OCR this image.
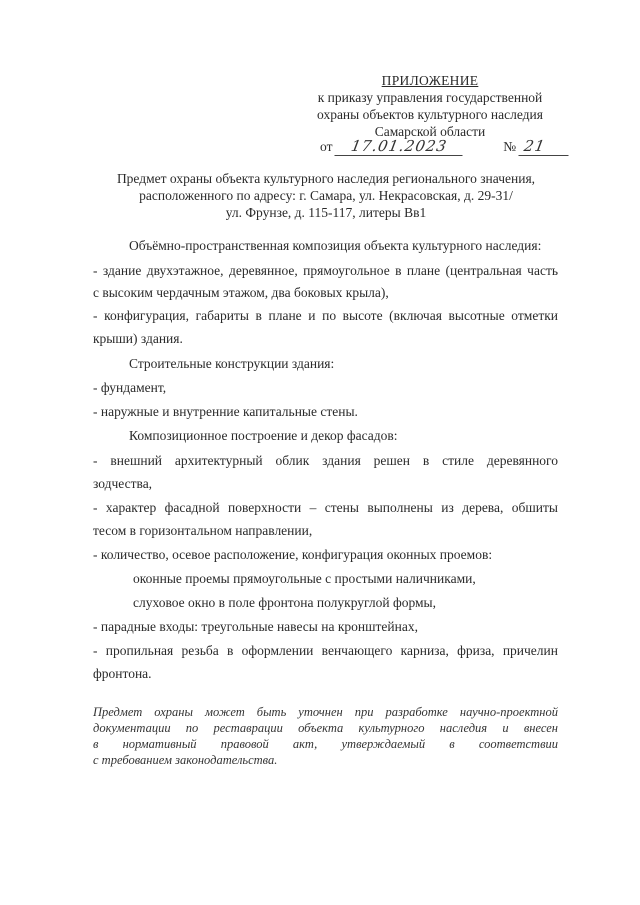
ПРИЛОЖЕНИЕ
к приказу управления государственной
охраны объектов культурного наследия
Самарской области
от 17.01.2023	№ 21
Предмет охраны объекта культурного наследия регионального значения,
расположенного по адресу: г. Самара, ул. Некрасовская, д. 29-31/
ул. Фрунзе, д. 115-117, литеры Вв1
Объёмно-пространственная композиция объекта культурного наследия:
- здание двухэтажное, деревянное, прямоугольное в плане (центральная часть
с высоким чердачным этажом, два боковых крыла),
- конфигурация, габариты в плане и по высоте (включая высотные отметки
крыши) здания.
Строительные конструкции здания:
- фундамент,
- наружные и внутренние капитальные стены.
Композиционное построение и декор фасадов:
- внешний архитектурный облик здания решен в стиле деревянного
зодчества,
- характер фасадной поверхности – стены выполнены из дерева, обшиты
тесом в горизонтальном направлении,
- количество, осевое расположение, конфигурация оконных проемов:
оконные проемы прямоугольные с простыми наличниками,
слуховое окно в поле фронтона полукруглой формы,
- парадные входы: треугольные навесы на кронштейнах,
- пропильная резьба в оформлении венчающего карниза, фриза, причелин
фронтона.
Предмет охраны может быть уточнен при разработке научно-проектной
документации по реставрации объекта культурного наследия и внесен
в нормативный правовой акт, утверждаемый в соответствии
с требованием законодательства.
